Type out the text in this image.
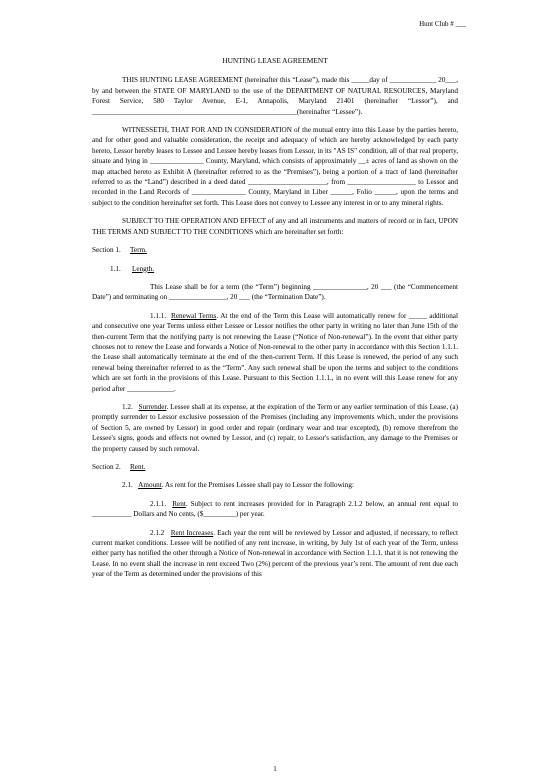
Hunt Club # ___
HUNTING LEASE AGREEMENT

THIS HUNTING LEASE AGREEMENT (hereinafter this “Lease”), made this _____day of _____________ 20___, by and between the STATE OF MARYLAND to the use of the DEPARTMENT OF NATURAL RESOURCES, Maryland Forest Service, 580 Taylor Avenue, E-1, Annapolis, Maryland 21401 (hereinafter “Lessor”), and _________________________________________________________(hereinafter “Lessee”).

WITNESSETH, THAT FOR AND IN CONSIDERATION of the mutual entry into this Lease by the parties hereto, and for other good and valuable consideration, the receipt and adequacy of which are hereby acknowledged by each party hereto, Lessor hereby leases to Lessee and Lessee hereby leases from Lessor, in its "AS IS" condition, all of that real property, situate and lying in _______________ County, Maryland, which consists of approximately __± acres of land as shown on the map attached hereto as Exhibit A (hereinafter referred to as the “Premises”), being a portion of a tract of land (hereinafter referred to as the “Land”) described in a deed dated ______________________, from ___________________ to Lessor and recorded in the Land Records of _______________ County, Maryland in Liber ______, Folio ______, upon the terms and subject to the condition hereinafter set forth. This Lease does not convey to Lessee any interest in or to any mineral rights.

SUBJECT TO THE OPERATION AND EFFECT of any and all instruments and matters of record or in fact, UPON THE TERMS AND SUBJECT TO THE CONDITIONS which are hereinafter set forth:

Section 1. Term.
1.1. Length.

This Lease shall be for a term (the “Term”) beginning _______________, 20 ___ (the “Commencement Date”) and terminating on ________________, 20 ___ (the “Termination Date”).

1.1.1. Renewal Terms. At the end of the Term this Lease will automatically renew for _____ additional and consecutive one year Terms unless either Lessee or Lessor notifies the other party in writing no later than June 15th of the then-current Term that the notifying party is not renewing the Lease (“Notice of Non-renewal”). In the event that either party chooses not to renew the Lease and forwards a Notice of Non-renewal to the other party in accordance with this Section 1.1.1. the Lease shall automatically terminate at the end of the then-current Term. If this Lease is renewed, the period of any such renewal being thereinafter referred to as the “Term”. Any such renewal shall be upon the terms and subject to the conditions which are set forth in the provisions of this Lease. Pursuant to this Section 1.1.1., in no event will this Lease renew for any period after _____________.

1.2. Surrender. Lessee shall at its expense, at the expiration of the Term or any earlier termination of this Lease, (a) promptly surrender to Lessor exclusive possession of the Premises (including any improvements which, under the provisions of Section 5, are owned by Lessor) in good order and repair (ordinary wear and tear excepted), (b) remove therefrom the Lessee's signs, goods and effects not owned by Lessor, and (c) repair, to Lessor's satisfaction, any damage to the Premises or the property caused by such removal.

Section 2. Rent.

2.1. Amount. As rent for the Premises Lessee shall pay to Lessor the following:

2.1.1. Rent. Subject to rent increases provided for in Paragraph 2.1.2 below, an annual rent equal to ___________ Dollars and No cents, ($_________) per year.

2.1.2 Rent Increases. Each year the rent will be reviewed by Lessor and adjusted, if necessary, to reflect current market conditions. Lessee will be notified of any rent increase, in writing, by July 1st of each year of the Term, unless either party has notified the other through a Notice of Non-renewal in accordance with Section 1.1.1. that it is not renewing the Lease. In no event shall the increase in rent exceed Two (2%) percent of the previous year’s rent. The amount of rent due each year of the Term as determined under the provisions of this

1
